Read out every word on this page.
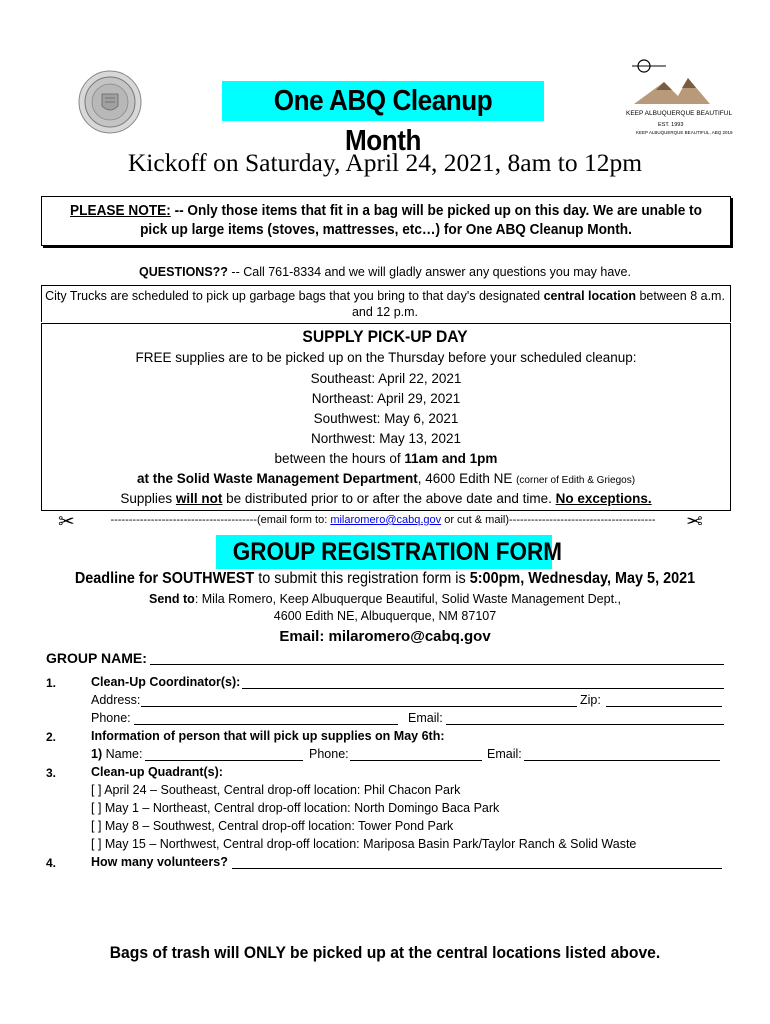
One ABQ Cleanup Month
KEEP ALBUQUERQUE BEAUTIFUL
EST. 1993
KEEP ALBUQUERQUE BEAUTIFUL, ABQ 2019
Kickoff on Saturday, April 24, 2021, 8am to 12pm
PLEASE NOTE: -- Only those items that fit in a bag will be picked up on this day. We are unable to pick up large items (stoves, mattresses, etc…) for One ABQ Cleanup Month.
QUESTIONS?? -- Call 761-8334 and we will gladly answer any questions you may have.
City Trucks are scheduled to pick up garbage bags that you bring to that day's designated central location between 8 a.m. and 12 p.m.
SUPPLY PICK-UP DAY
FREE supplies are to be picked up on the Thursday before your scheduled cleanup:
Southeast: April 22, 2021
Northeast: April 29, 2021
Southwest: May 6, 2021
Northwest: May 13, 2021
between the hours of 11am and 1pm
at the Solid Waste Management Department, 4600 Edith NE (corner of Edith & Griegos)
Supplies will not be distributed prior to or after the above date and time. No exceptions.
✂	----------------------------------------(email form to: milaromero@cabq.gov or cut & mail)----------------------------------------	✂
GROUP REGISTRATION FORM
Deadline for SOUTHWEST to submit this registration form is 5:00pm, Wednesday, May 5, 2021
Send to: Mila Romero, Keep Albuquerque Beautiful, Solid Waste Management Dept.,
4600 Edith NE, Albuquerque, NM 87107
Email: milaromero@cabq.gov
GROUP NAME:
1.	Clean-Up Coordinator(s):
Address:	Zip:
Phone:	Email:
2.	Information of person that will pick up supplies on May 6th:
1) Name:	Phone:	Email:
3.	Clean-up Quadrant(s):
[ ] April 24 – Southeast, Central drop-off location: Phil Chacon Park
[ ] May 1 – Northeast, Central drop-off location: North Domingo Baca Park
[ ] May 8 – Southwest, Central drop-off location: Tower Pond Park
[ ] May 15 – Northwest, Central drop-off location: Mariposa Basin Park/Taylor Ranch & Solid Waste
4.	How many volunteers?
Bags of trash will ONLY be picked up at the central locations listed above.
